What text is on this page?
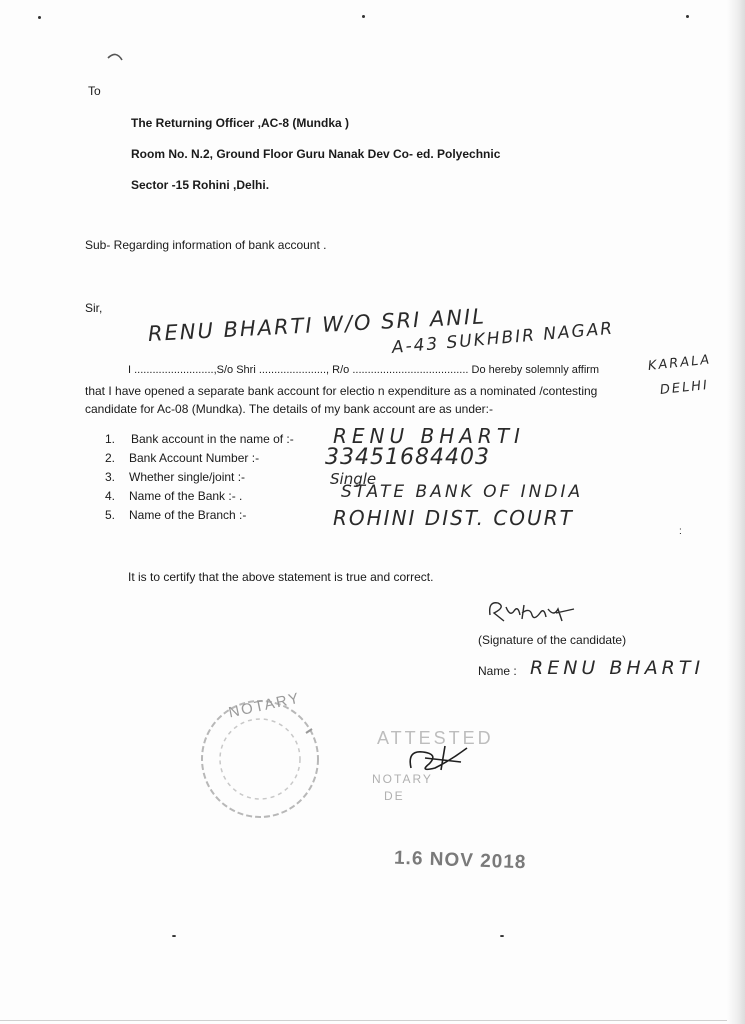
To
The Returning Officer ,AC-8 (Mundka )
Room No. N.2, Ground Floor Guru Nanak Dev Co- ed. Polyechnic
Sector -15 Rohini ,Delhi.
Sub- Regarding information of bank account .
Sir, RENU BHARTI W/O SRI ANIL
A-43 SUKHBIR NAGAR
KARALA
DELHI
I ..........................,S/o Shri ......................, R/o ...................................... Do hereby solemnly affirm
that I have opened a separate bank account for electio n expenditure as a nominated /contesting
candidate for Ac-08 (Mundka). The details of my bank account are as under:-
1. Bank account in the name of :-
2. Bank Account Number :-
3. Whether single/joint :-
4. Name of the Bank :- .
5. Name of the Branch :-
RENU BHARTI
33451684403
Single
STATE BANK OF INDIA
ROHINI DIST. COURT
:
It is to certify that the above statement is true and correct.
(Signature of the candidate)
Name : RENU BHARTI
NOTARY
ATTESTED
NOTARY
DE
1.6 NOV 2018
